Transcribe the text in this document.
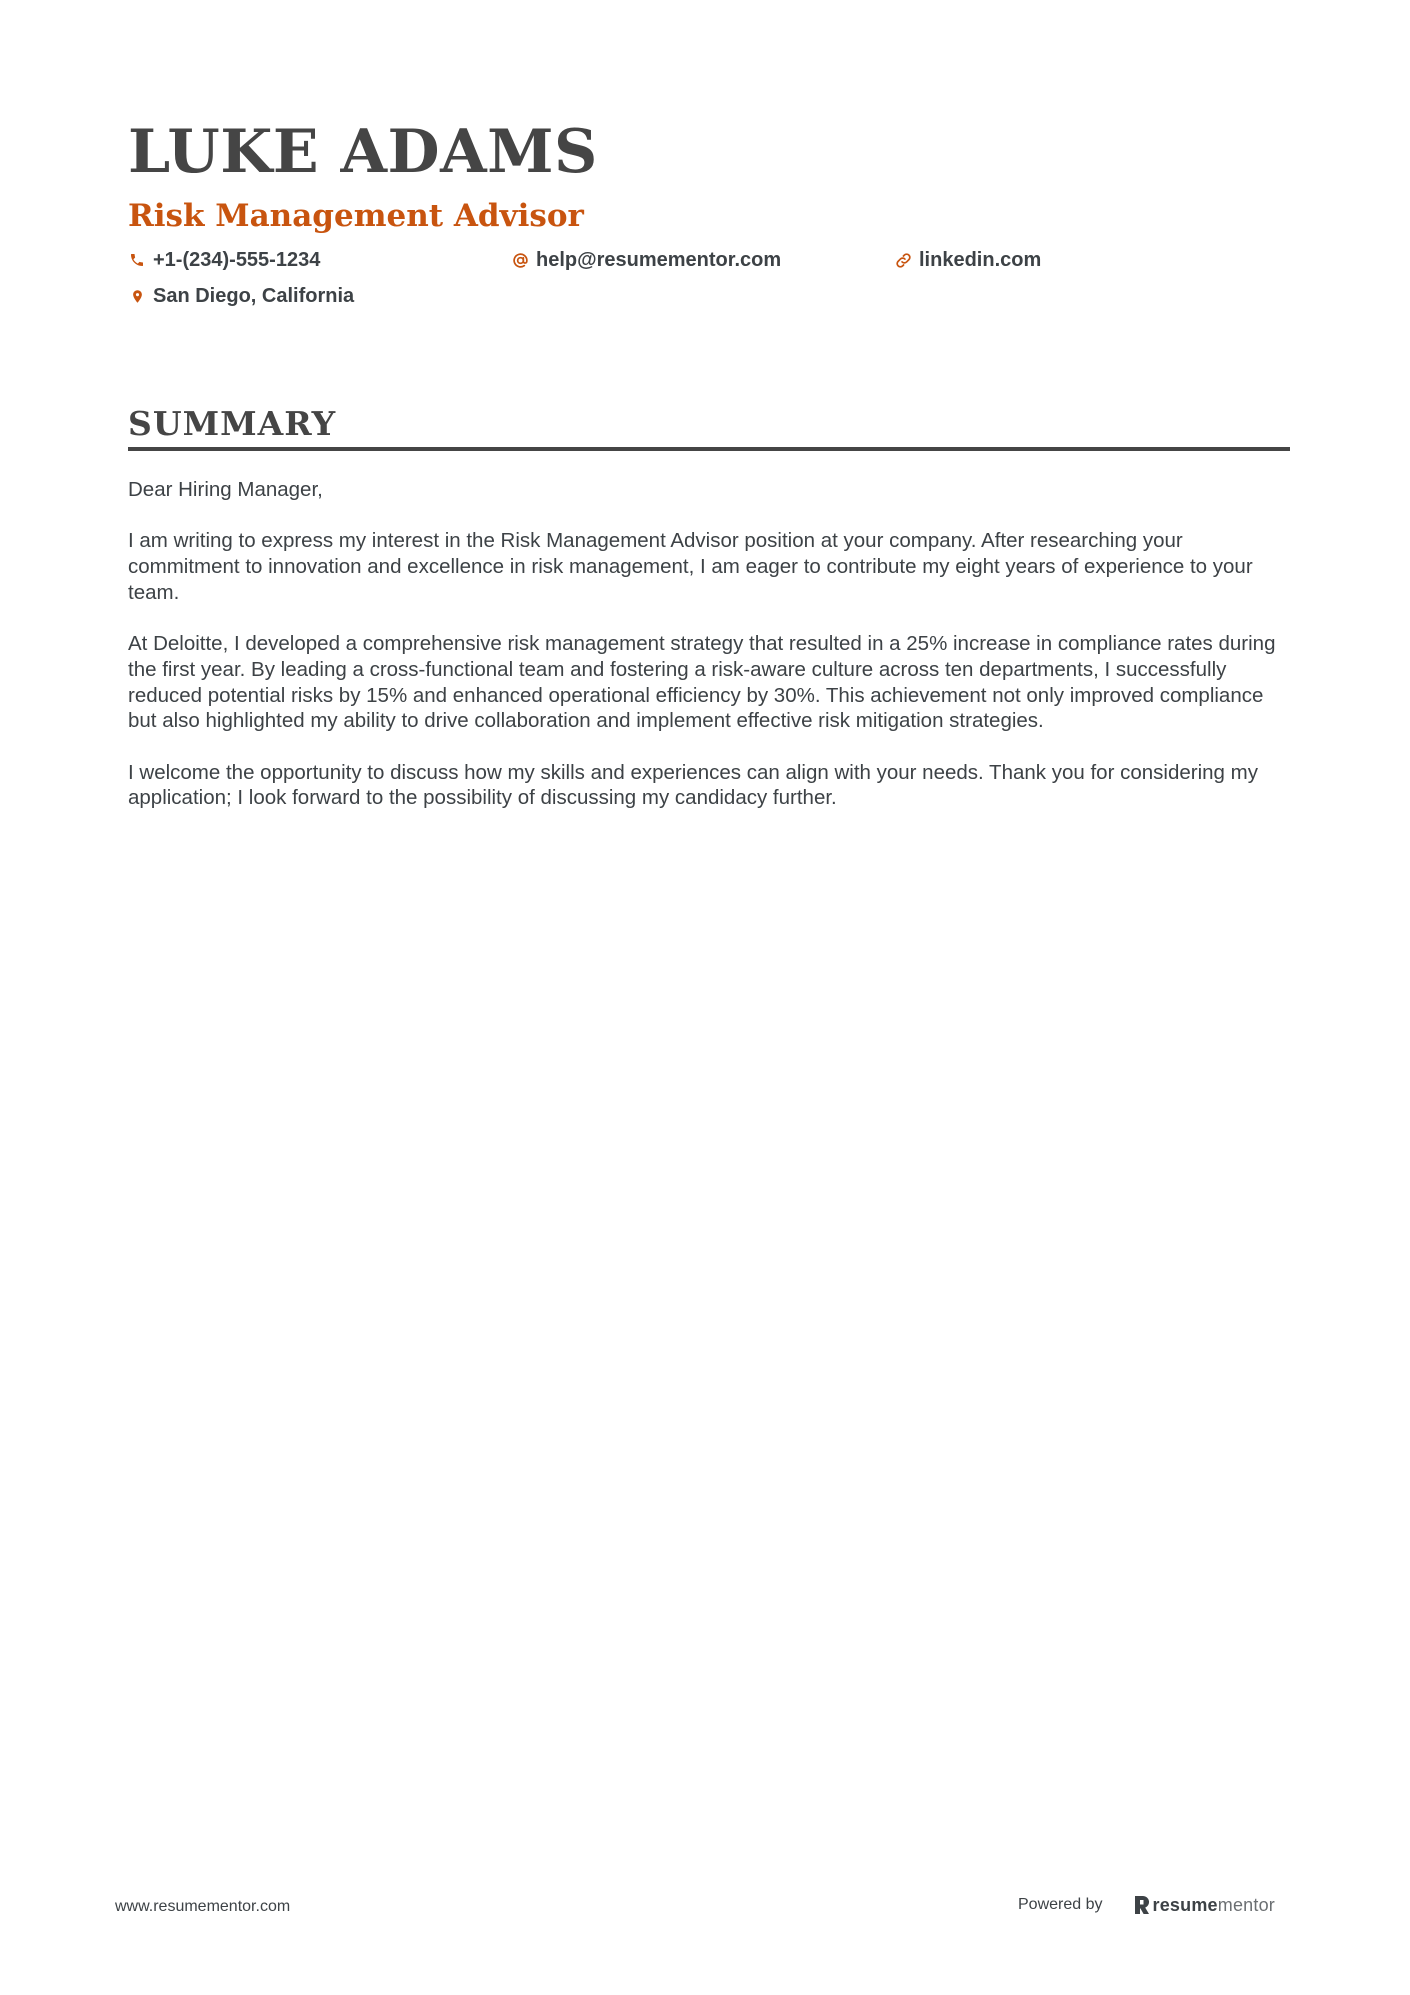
LUKE ADAMS
Risk Management Advisor
+1-(234)-555-1234	help@resumementor.com	linkedin.com
San Diego, California
SUMMARY

Dear Hiring Manager,

I am writing to express my interest in the Risk Management Advisor position at your company. After researching your commitment to innovation and excellence in risk management, I am eager to contribute my eight years of experience to your team.

At Deloitte, I developed a comprehensive risk management strategy that resulted in a 25% increase in compliance rates during the first year. By leading a cross-functional team and fostering a risk-aware culture across ten departments, I successfully reduced potential risks by 15% and enhanced operational efficiency by 30%. This achievement not only improved compliance but also highlighted my ability to drive collaboration and implement effective risk mitigation strategies.

I welcome the opportunity to discuss how my skills and experiences can align with your needs. Thank you for considering my application; I look forward to the possibility of discussing my candidacy further.

www.resumementor.com	Powered by	resumementor
